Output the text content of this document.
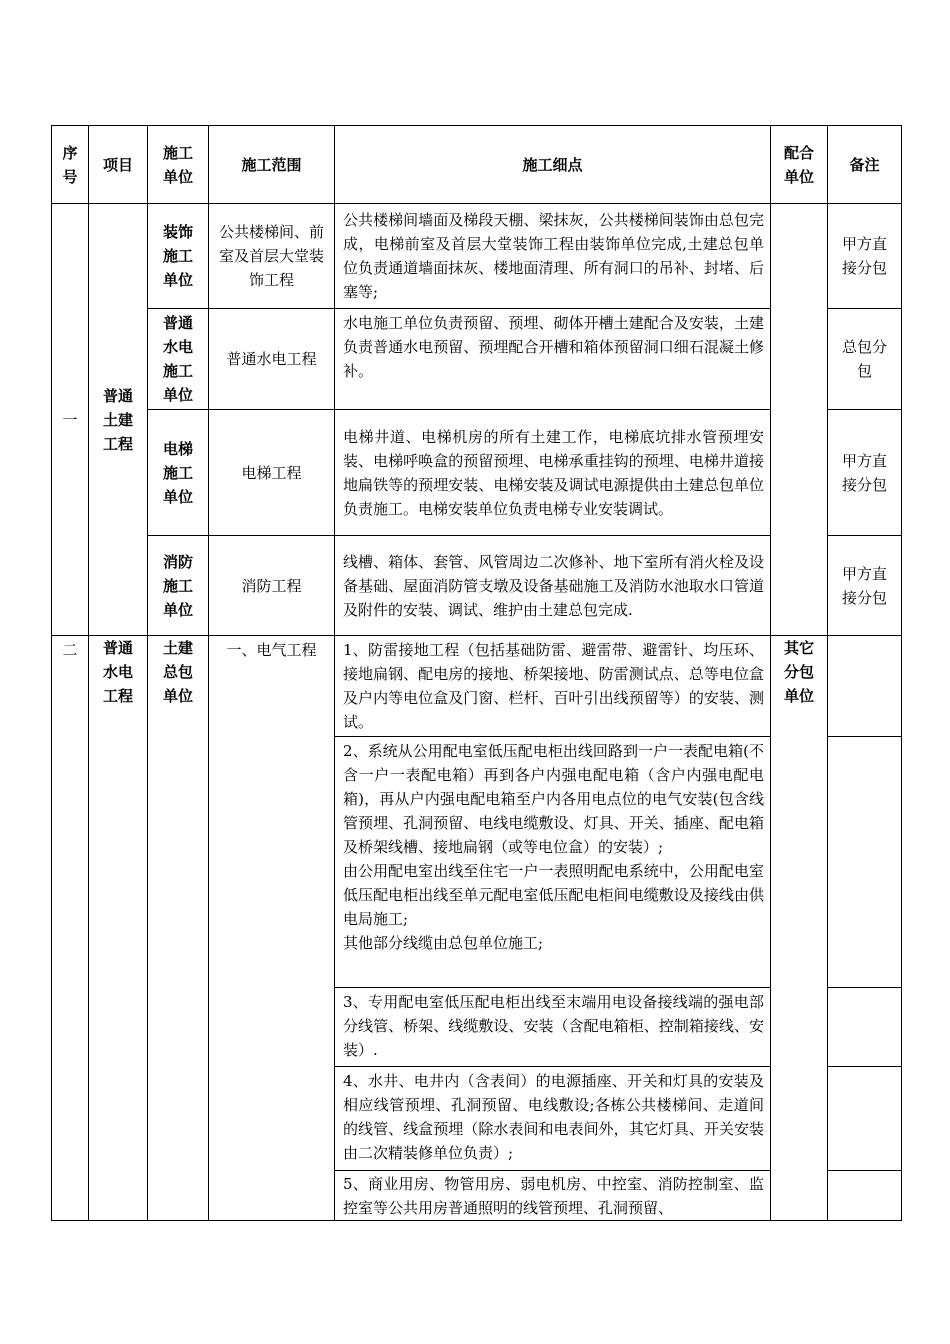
序号	项目	施工单位	施工范围	施工细点	配合单位	备注
一	普通土建工程	装饰施工单位	公共楼梯间、前室及首层大堂装饰工程	公共楼梯间墙面及梯段天棚、梁抹灰，公共楼梯间装饰由总包完成，电梯前室及首层大堂装饰工程由装饰单位完成,土建总包单位负责通道墙面抹灰、楼地面清理、所有洞口的吊补、封堵、后塞等;		甲方直接分包
		普通水电施工单位	普通水电工程	水电施工单位负责预留、预埋、砌体开槽土建配合及安装，土建负责普通水电预留、预埋配合开槽和箱体预留洞口细石混凝土修补。		总包分包
		电梯施工单位	电梯工程	电梯井道、电梯机房的所有土建工作，电梯底坑排水管预埋安装、电梯呼唤盒的预留预埋、电梯承重挂钩的预埋、电梯井道接地扁铁等的预埋安装、电梯安装及调试电源提供由土建总包单位负责施工。电梯安装单位负责电梯专业安装调试。		甲方直接分包
		消防施工单位	消防工程	线槽、箱体、套管、风管周边二次修补、地下室所有消火栓及设备基础、屋面消防管支墩及设备基础施工及消防水池取水口管道及附件的安装、调试、维护由土建总包完成.		甲方直接分包
二	普通水电工程	土建总包单位	一、电气工程	1、防雷接地工程（包括基础防雷、避雷带、避雷针、均压环、接地扁钢、配电房的接地、桥架接地、防雷测试点、总等电位盒及户内等电位盒及门窗、栏杆、百叶引出线预留等）的安装、测试。	其它分包单位	
				2、系统从公用配电室低压配电柜出线回路到一户一表配电箱(不含一户一表配电箱）再到各户内强电配电箱（含户内强电配电箱)，再从户内强电配电箱至户内各用电点位的电气安装(包含线管预埋、孔洞预留、电线电缆敷设、灯具、开关、插座、配电箱及桥架线槽、接地扁钢（或等电位盒）的安装）;
由公用配电室出线至住宅一户一表照明配电系统中，公用配电室低压配电柜出线至单元配电室低压配电柜间电缆敷设及接线由供电局施工;
其他部分线缆由总包单位施工;		
				3、专用配电室低压配电柜出线至末端用电设备接线端的强电部分线管、桥架、线缆敷设、安装（含配电箱柜、控制箱接线、安装）.		
				4、水井、电井内（含表间）的电源插座、开关和灯具的安装及相应线管预埋、孔洞预留、电线敷设;各栋公共楼梯间、走道间的线管、线盒预埋（除水表间和电表间外，其它灯具、开关安装由二次精装修单位负责）;		
				5、商业用房、物管用房、弱电机房、中控室、消防控制室、监控室等公共用房普通照明的线管预埋、孔洞预留、		
